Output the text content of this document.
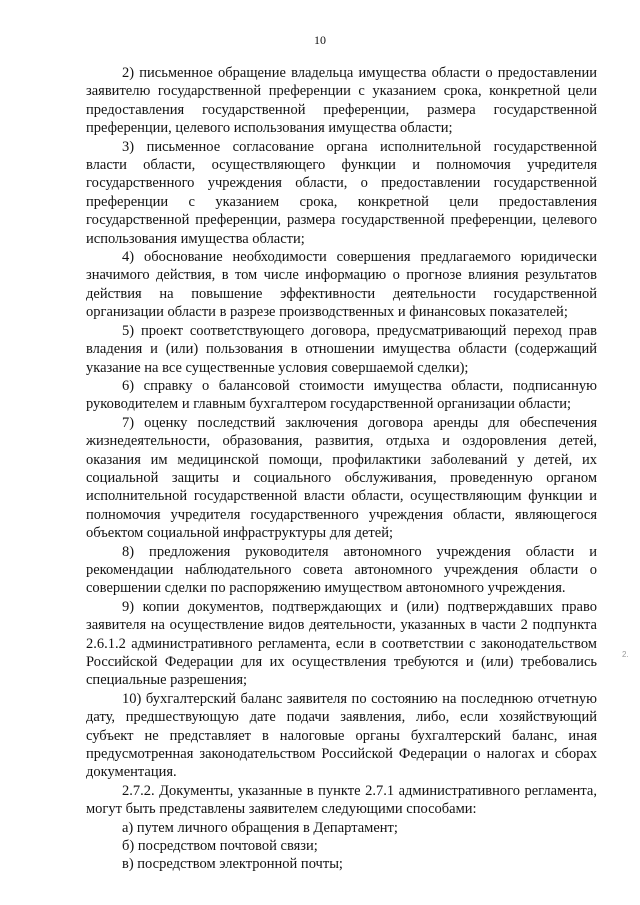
10

2) письменное обращение владельца имущества области о предоставлении заявителю государственной преференции с указанием срока, конкретной цели предоставления государственной преференции, размера государственной преференции, целевого использования имущества области;

3) письменное согласование органа исполнительной государственной власти области, осуществляющего функции и полномочия учредителя государственного учреждения области, о предоставлении государственной преференции с указанием срока, конкретной цели предоставления государственной преференции, размера государственной преференции, целевого использования имущества области;

4) обоснование необходимости совершения предлагаемого юридически значимого действия, в том числе информацию о прогнозе влияния результатов действия на повышение эффективности деятельности государственной организации области в разрезе производственных и финансовых показателей;

5) проект соответствующего договора, предусматривающий переход прав владения и (или) пользования в отношении имущества области (содержащий указание на все существенные условия совершаемой сделки);

6) справку о балансовой стоимости имущества области, подписанную руководителем и главным бухгалтером государственной организации области;

7) оценку последствий заключения договора аренды для обеспечения жизнедеятельности, образования, развития, отдыха и оздоровления детей, оказания им медицинской помощи, профилактики заболеваний у детей, их социальной защиты и социального обслуживания, проведенную органом исполнительной государственной власти области, осуществляющим функции и полномочия учредителя государственного учреждения области, являющегося объектом социальной инфраструктуры для детей;

8) предложения руководителя автономного учреждения области и рекомендации наблюдательного совета автономного учреждения области о совершении сделки по распоряжению имуществом автономного учреждения.

9) копии документов, подтверждающих и (или) подтверждавших право заявителя на осуществление видов деятельности, указанных в части 2 подпункта 2.6.1.2 административного регламента, если в соответствии с законодательством Российской Федерации для их осуществления требуются и (или) требовались специальные разрешения;

10) бухгалтерский баланс заявителя по состоянию на последнюю отчетную дату, предшествующую дате подачи заявления, либо, если хозяйствующий субъект не представляет в налоговые органы бухгалтерский баланс, иная предусмотренная законодательством Российской Федерации о налогах и сборах документация.

2.7.2. Документы, указанные в пункте 2.7.1 административного регламента, могут быть представлены заявителем следующими способами:

а) путем личного обращения в Департамент;

б) посредством почтовой связи;

в) посредством электронной почты;

2.
